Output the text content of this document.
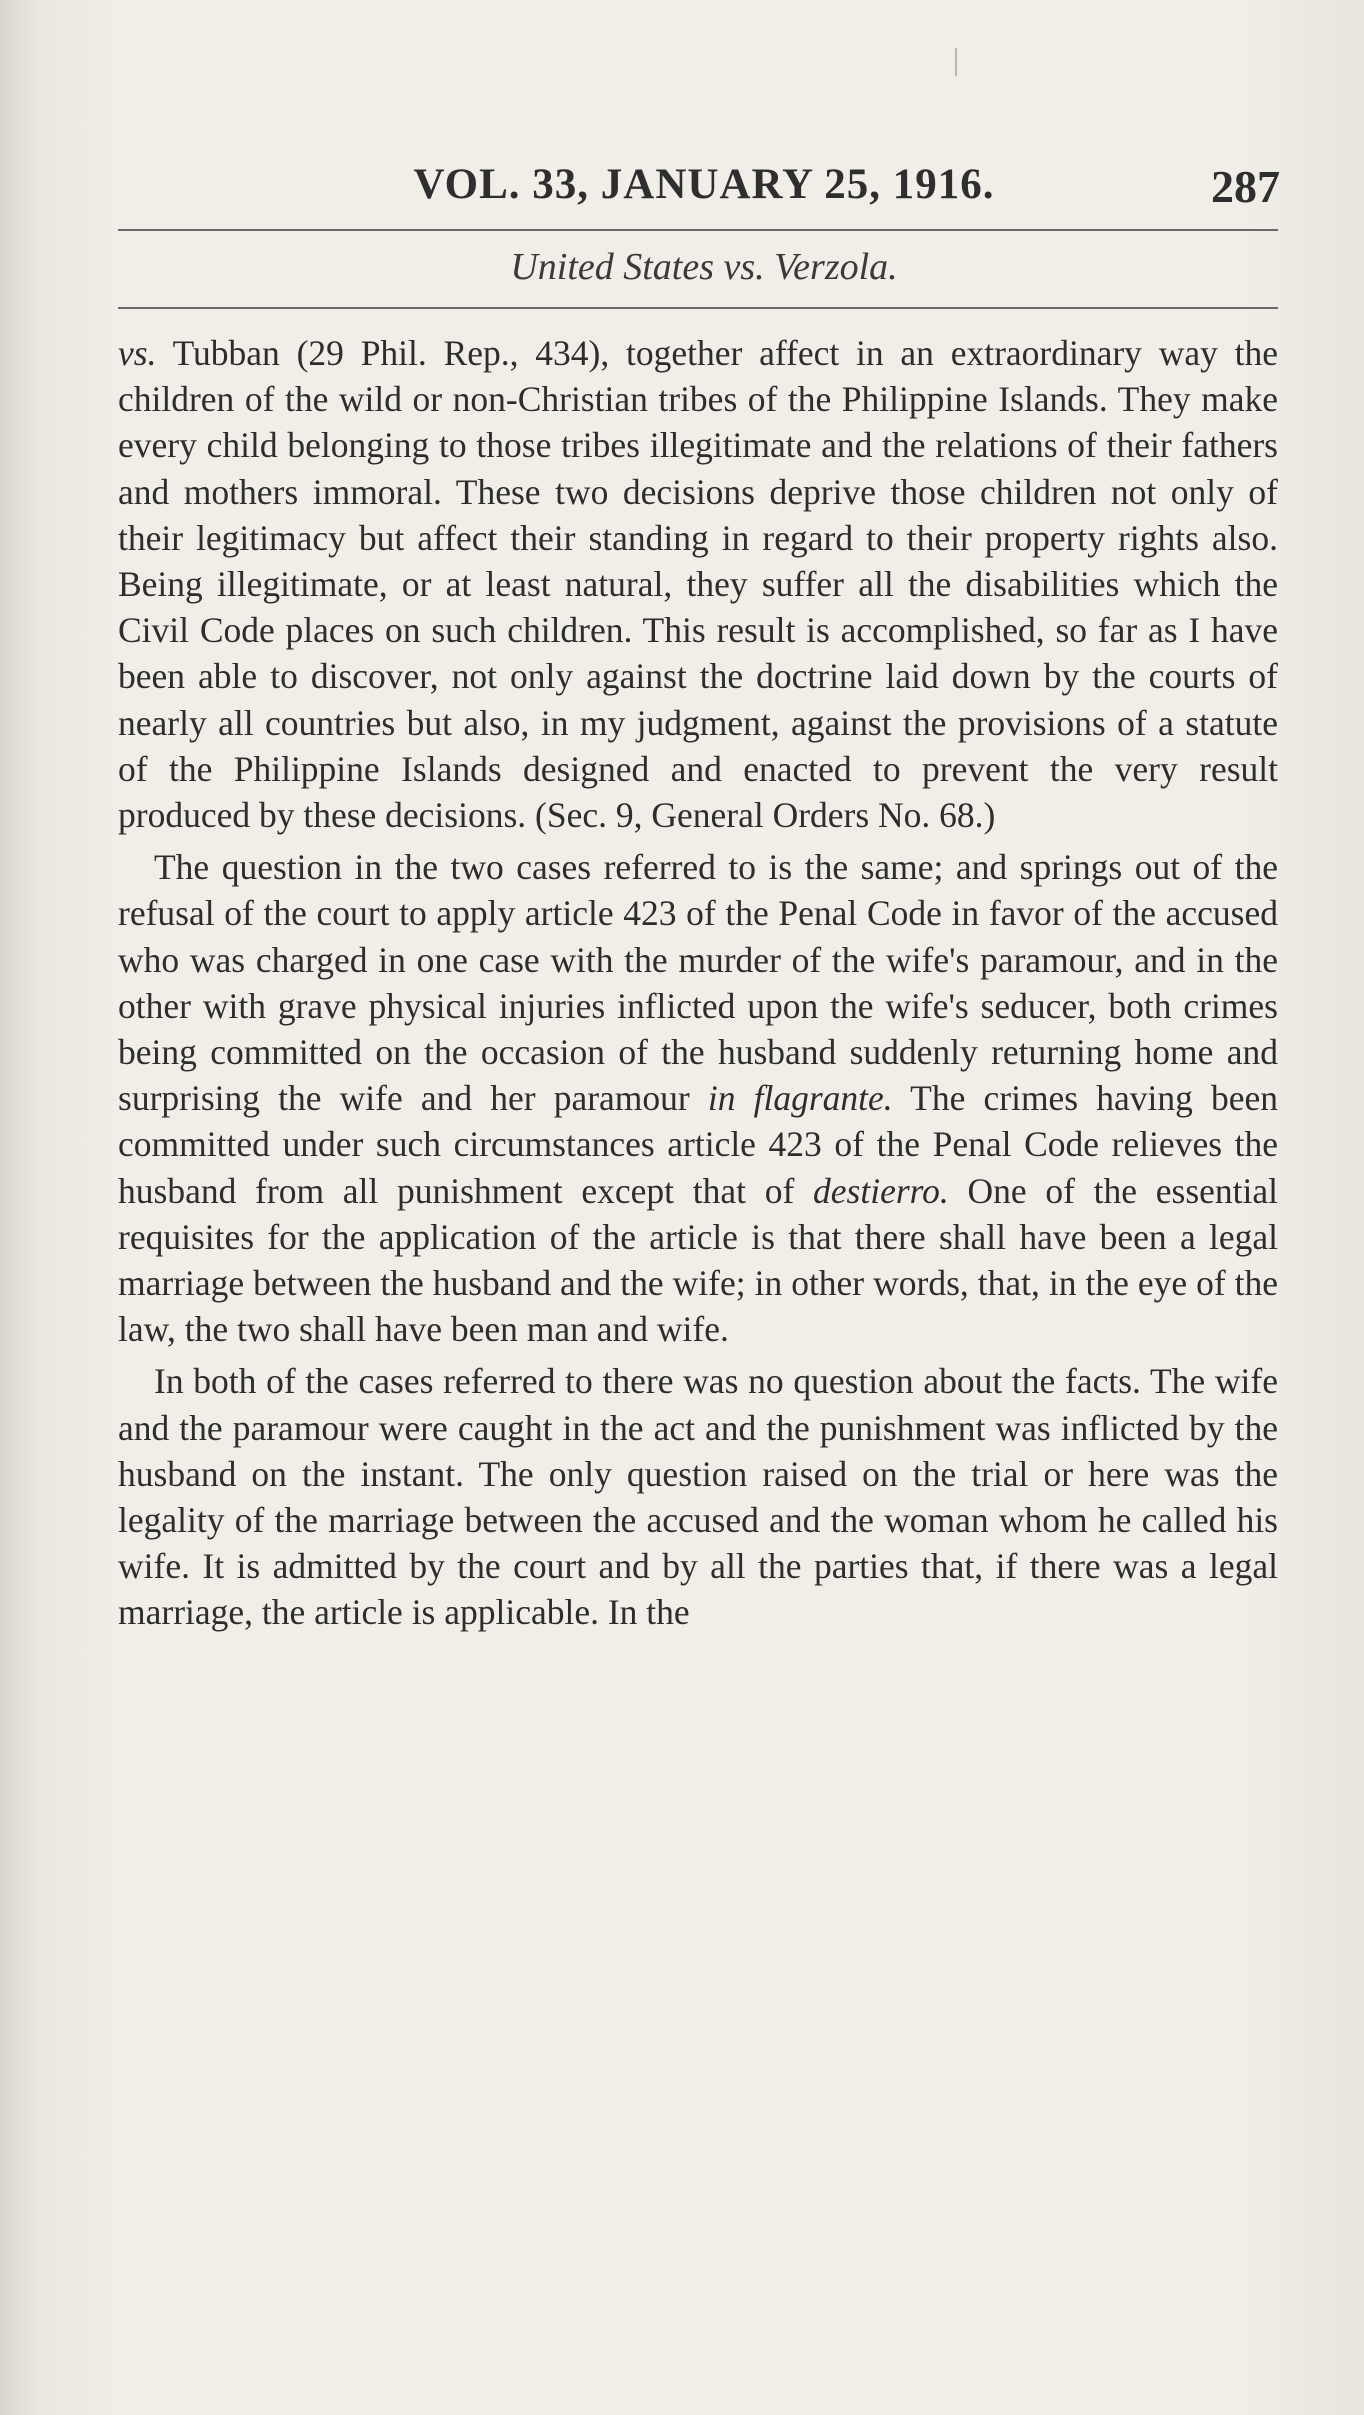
VOL. 33, JANUARY 25, 1916.	287
United States vs. Verzola.

vs. Tubban (29 Phil. Rep., 434), together affect in an extraordinary way the children of the wild or non-Christian tribes of the Philippine Islands. They make every child belonging to those tribes illegitimate and the relations of their fathers and mothers immoral. These two decisions deprive those children not only of their legitimacy but affect their standing in regard to their property rights also. Being illegitimate, or at least natural, they suffer all the disabilities which the Civil Code places on such children. This result is accomplished, so far as I have been able to discover, not only against the doctrine laid down by the courts of nearly all countries but also, in my judgment, against the provisions of a statute of the Philippine Islands designed and enacted to prevent the very result produced by these decisions. (Sec. 9, General Orders No. 68.)

The question in the two cases referred to is the same; and springs out of the refusal of the court to apply article 423 of the Penal Code in favor of the accused who was charged in one case with the murder of the wife's paramour, and in the other with grave physical injuries inflicted upon the wife's seducer, both crimes being committed on the occasion of the husband suddenly returning home and surprising the wife and her paramour in flagrante. The crimes having been committed under such circumstances article 423 of the Penal Code relieves the husband from all punishment except that of destierro. One of the essential requisites for the application of the article is that there shall have been a legal marriage between the husband and the wife; in other words, that, in the eye of the law, the two shall have been man and wife.

In both of the cases referred to there was no question about the facts. The wife and the paramour were caught in the act and the punishment was inflicted by the husband on the instant. The only question raised on the trial or here was the legality of the marriage between the accused and the woman whom he called his wife. It is admitted by the court and by all the parties that, if there was a legal marriage, the article is applicable. In the
